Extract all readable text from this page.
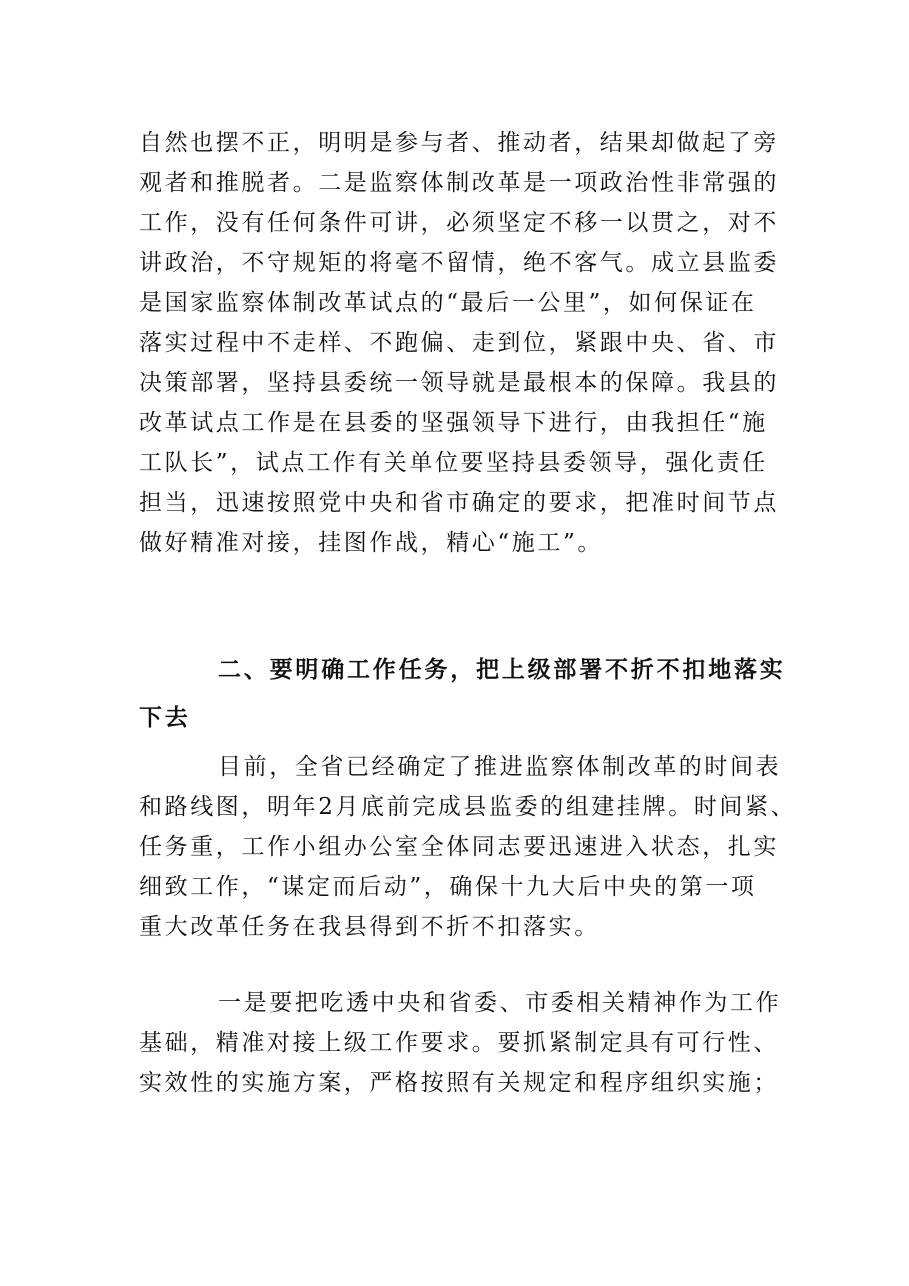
自然也摆不正，明明是参与者、推动者，结果却做起了旁
观者和推脱者。二是监察体制改革是一项政治性非常强的
工作，没有任何条件可讲，必须坚定不移一以贯之，对不
讲政治，不守规矩的将毫不留情，绝不客气。成立县监委
是国家监察体制改革试点的“最后一公里”，如何保证在
落实过程中不走样、不跑偏、走到位，紧跟中央、省、市
决策部署，坚持县委统一领导就是最根本的保障。我县的
改革试点工作是在县委的坚强领导下进行，由我担任“施
工队长”，试点工作有关单位要坚持县委领导，强化责任
担当，迅速按照党中央和省市确定的要求，把准时间节点
做好精准对接，挂图作战，精心“施工”。
二、要明确工作任务，把上级部署不折不扣地落实
下去
目前，全省已经确定了推进监察体制改革的时间表
和路线图，明年2月底前完成县监委的组建挂牌。时间紧、
任务重，工作小组办公室全体同志要迅速进入状态，扎实
细致工作，“谋定而后动”，确保十九大后中央的第一项
重大改革任务在我县得到不折不扣落实。
一是要把吃透中央和省委、市委相关精神作为工作
基础，精准对接上级工作要求。要抓紧制定具有可行性、
实效性的实施方案，严格按照有关规定和程序组织实施；
